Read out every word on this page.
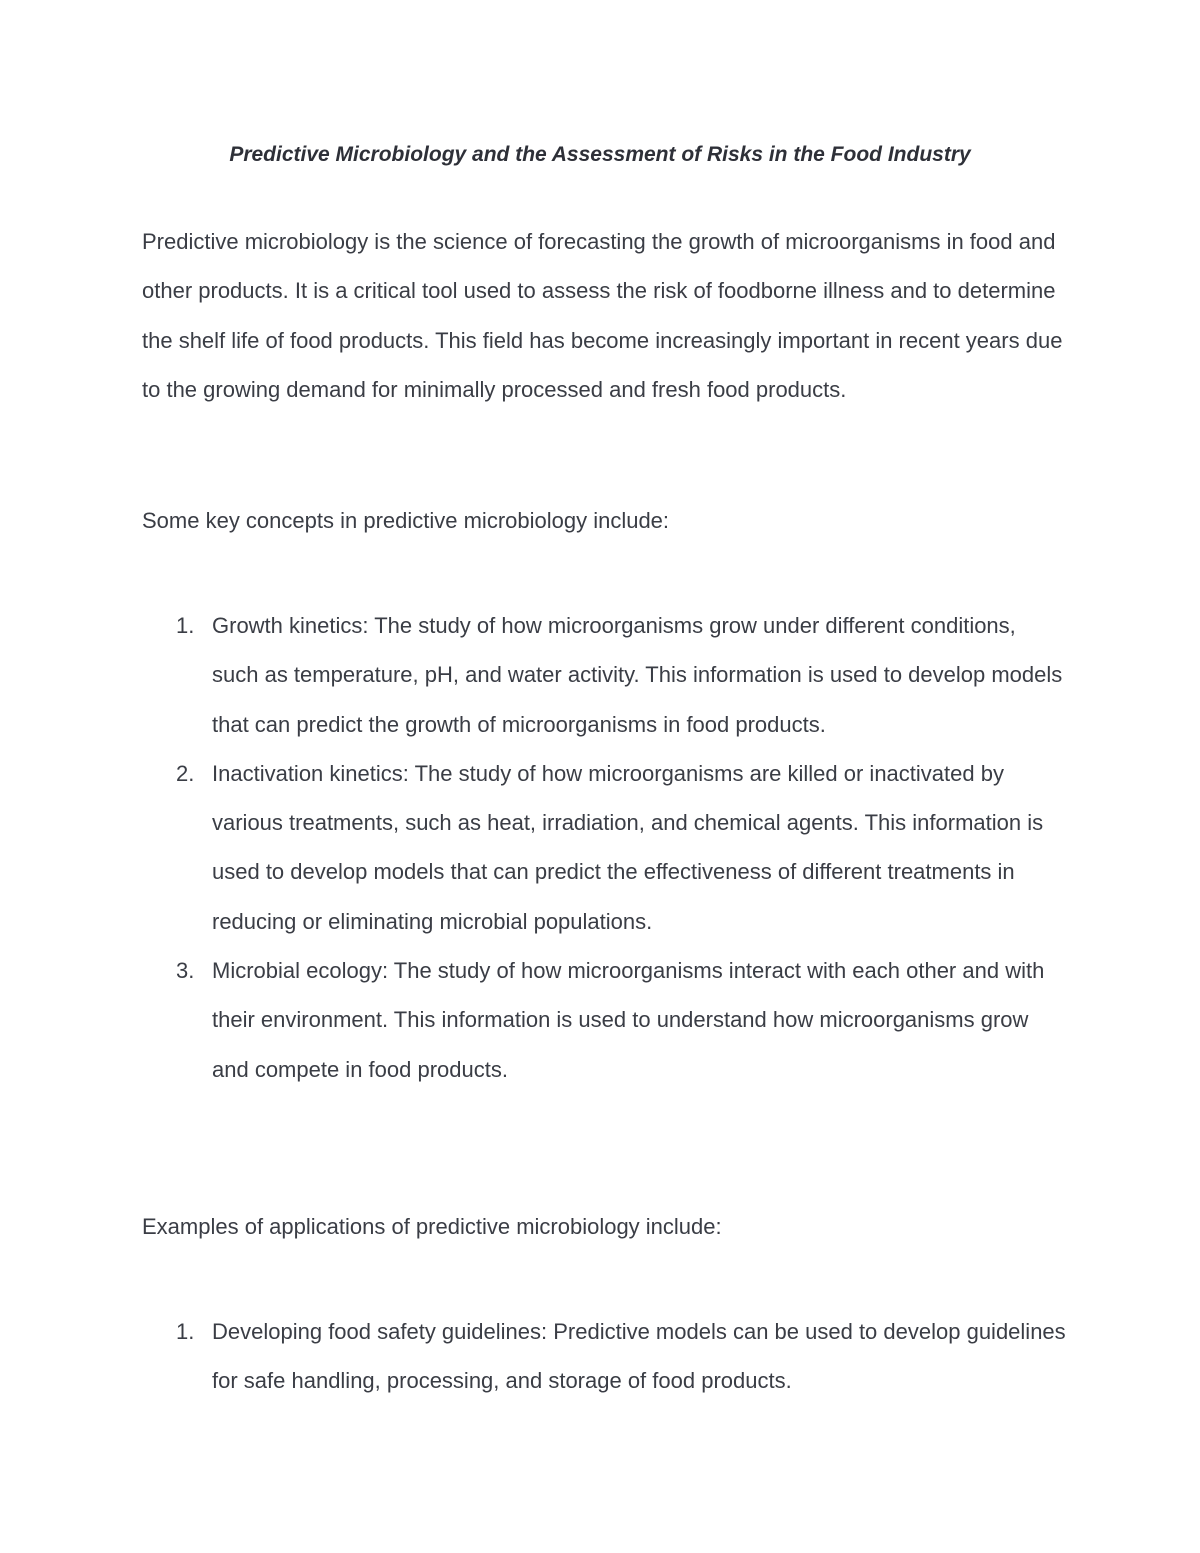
Predictive Microbiology and the Assessment of Risks in the Food Industry

Predictive microbiology is the science of forecasting the growth of microorganisms in food and other products. It is a critical tool used to assess the risk of foodborne illness and to determine the shelf life of food products. This field has become increasingly important in recent years due to the growing demand for minimally processed and fresh food products.

Some key concepts in predictive microbiology include:

1. Growth kinetics: The study of how microorganisms grow under different conditions, such as temperature, pH, and water activity. This information is used to develop models that can predict the growth of microorganisms in food products.
2. Inactivation kinetics: The study of how microorganisms are killed or inactivated by various treatments, such as heat, irradiation, and chemical agents. This information is used to develop models that can predict the effectiveness of different treatments in reducing or eliminating microbial populations.
3. Microbial ecology: The study of how microorganisms interact with each other and with their environment. This information is used to understand how microorganisms grow and compete in food products.

Examples of applications of predictive microbiology include:

1. Developing food safety guidelines: Predictive models can be used to develop guidelines for safe handling, processing, and storage of food products.
